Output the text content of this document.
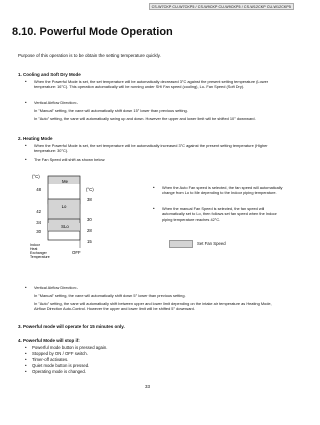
CS-W7CKP CU-W7CKP5 / CS-W9CKP CU-W9CKP5 / CS-W12CKP CU-W12CKP5
8.10. Powerful Mode Operation
Purpose of this operation is to be obtain the setting temperature quickly.
1. Cooling and Soft Dry Mode
• When the Powerful Mode is set, the set temperature will be automatically decreased 3°C against the present setting temperature (Lower temperature: 16°C). This operation automatically will be running under SHi Fan speed (cooling), Lo- Fan Speed (Soft Dry).
• Vertical Airflow Direction:-
In "Manual" setting, the vane will automatically shift down 15° lower than previous setting.
In "Auto" setting, the vane will automatically swing up and down. However the upper and lower limit will be shifted 10° downward.
2. Heating Mode
• When the Powerful Mode is set, the set temperature will be automatically increased 3°C against the present setting temperature (Higher temperature: 30°C).
• The Fan Speed will shift as shown below:
(°C)
(°C)
Me
Lo
SLo
48
42
34
30
38
30
28
15
OFF
Indoor
Heat
Exchanger
Temperature
• When the Auto Fan speed is selected, the fan speed will automatically change from Lo to Me depending to the Indoor piping temperature.
• When the manual Fan Speed is selected, the fan speed will automatically set to Lo, then follows set fan speed when the Indoor piping temperature reaches 42°C.
Set Fan Speed
• Vertical Airflow Direction:-
In "Manual" setting, the vane will automatically shift down 5° lower than previous setting.
In "Auto" setting, the vane will automatically shift between upper and lower limit depending on the intake air temperature as Heating Mode, Airflow Direction Auto-Control. However the upper and lower limit will be shifted 5° downward.
3. Powerful mode will operate for 15 minutes only.
4. Powerful Mode will stop if:
• Powerful mode button is pressed again.
• Stopped by ON / OFF switch.
• Timer-off activates.
• Quiet mode button is pressed.
• Operating mode is changed.
33
